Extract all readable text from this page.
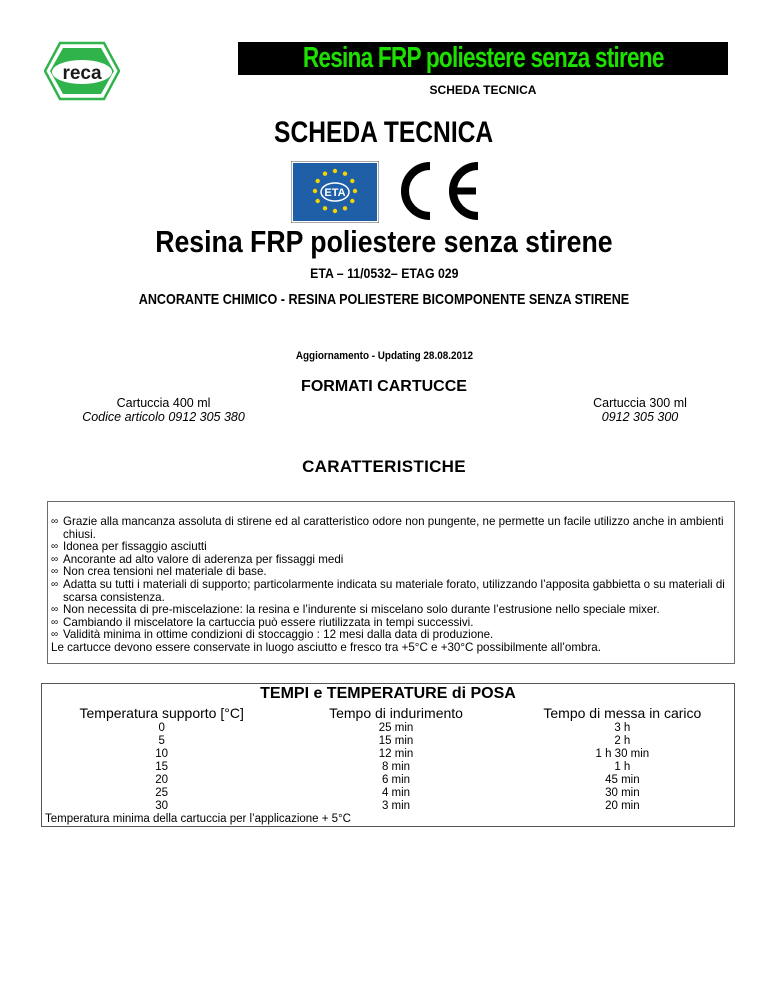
reca	Resina FRP poliestere senza stirene
SCHEDA TECNICA
SCHEDA TECNICA
ETA
Resina FRP poliestere senza stirene
ETA – 11/0532– ETAG 029
ANCORANTE CHIMICO - RESINA POLIESTERE BICOMPONENTE SENZA STIRENE
Aggiornamento - Updating 28.08.2012
FORMATI CARTUCCE
Cartuccia 400 ml
Codice articolo 0912 305 380
Cartuccia 300 ml
0912 305 300
CARATTERISTICHE
∞ Grazie alla mancanza assoluta di stirene ed al caratteristico odore non pungente, ne permette un facile utilizzo anche in ambienti chiusi.
∞ Idonea per fissaggio asciutti
∞ Ancorante ad alto valore di aderenza per fissaggi medi
∞ Non crea tensioni nel materiale di base.
∞ Adatta su tutti i materiali di supporto; particolarmente indicata su materiale forato, utilizzando l’apposita gabbietta o su materiali di scarsa consistenza.
∞ Non necessita di pre-miscelazione: la resina e l’indurente si miscelano solo durante l’estrusione nello speciale mixer.
∞ Cambiando il miscelatore la cartuccia può essere riutilizzata in tempi successivi.
∞ Validità minima in ottime condizioni di stoccaggio : 12 mesi dalla data di produzione.
Le cartucce devono essere conservate in luogo asciutto e fresco tra +5°C e +30°C possibilmente all’ombra.
TEMPI e TEMPERATURE di POSA
Temperatura supporto [°C]	Tempo di indurimento	Tempo di messa in carico
0	25 min	3 h
5	15 min	2 h
10	12 min	1 h 30 min
15	8 min	1 h
20	6 min	45 min
25	4 min	30 min
30	3 min	20 min
Temperatura minima della cartuccia per l’applicazione + 5°C		
